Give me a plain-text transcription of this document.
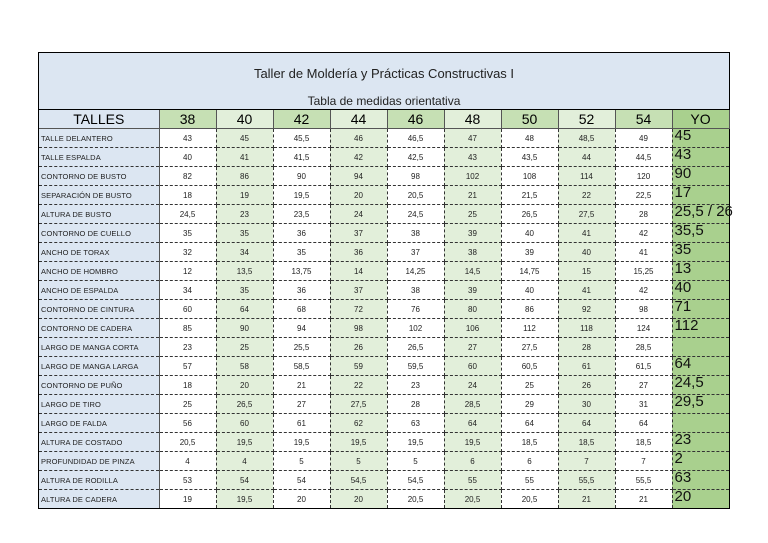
Taller de Moldería y Prácticas Constructivas I
Tabla de medidas orientativa
TALLES	38	40	42	44	46	48	50	52	54	YO
TALLE DELANTERO	43	45	45,5	46	46,5	47	48	48,5	49	45
TALLE ESPALDA	40	41	41,5	42	42,5	43	43,5	44	44,5	43
CONTORNO DE BUSTO	82	86	90	94	98	102	108	114	120	90
SEPARACIÓN DE BUSTO	18	19	19,5	20	20,5	21	21,5	22	22,5	17
ALTURA DE BUSTO	24,5	23	23,5	24	24,5	25	26,5	27,5	28	25,5 / 26
CONTORNO DE CUELLO	35	35	36	37	38	39	40	41	42	35,5
ANCHO DE TORAX	32	34	35	36	37	38	39	40	41	35
ANCHO DE HOMBRO	12	13,5	13,75	14	14,25	14,5	14,75	15	15,25	13
ANCHO DE ESPALDA	34	35	36	37	38	39	40	41	42	40
CONTORNO DE CINTURA	60	64	68	72	76	80	86	92	98	71
CONTORNO DE CADERA	85	90	94	98	102	106	112	118	124	112
LARGO DE MANGA CORTA	23	25	25,5	26	26,5	27	27,5	28	28,5	
LARGO DE MANGA LARGA	57	58	58,5	59	59,5	60	60,5	61	61,5	64
CONTORNO DE PUÑO	18	20	21	22	23	24	25	26	27	24,5
LARGO DE TIRO	25	26,5	27	27,5	28	28,5	29	30	31	29,5
LARGO DE FALDA	56	60	61	62	63	64	64	64	64	
ALTURA DE COSTADO	20,5	19,5	19,5	19,5	19,5	19,5	18,5	18,5	18,5	23
PROFUNDIDAD DE PINZA	4	4	5	5	5	6	6	7	7	2
ALTURA DE RODILLA	53	54	54	54,5	54,5	55	55	55,5	55,5	63
ALTURA DE CADERA	19	19,5	20	20	20,5	20,5	20,5	21	21	20
